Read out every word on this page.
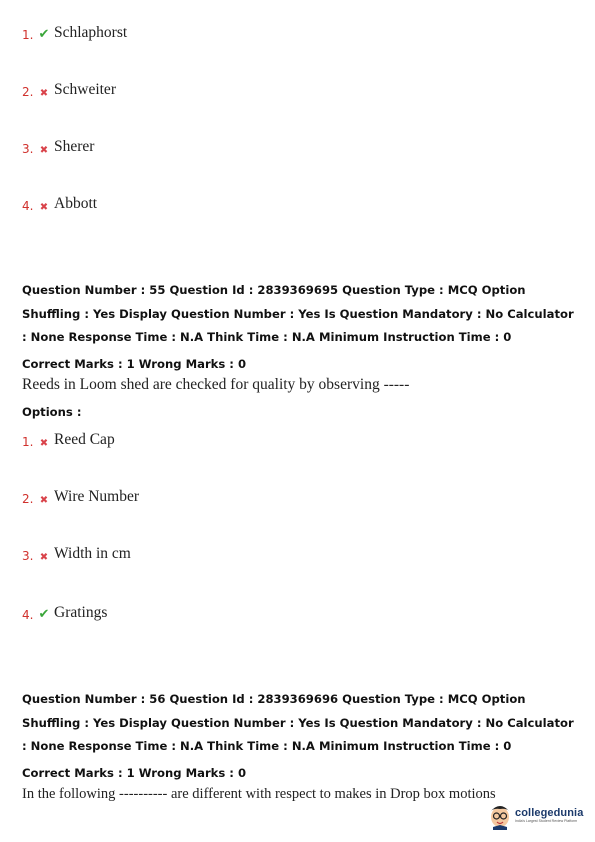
1. ✔ Schlaphorst
2. ✖ Schweiter
3. ✖ Sherer
4. ✖ Abbott
Question Number : 55 Question Id : 2839369695 Question Type : MCQ Option Shuffling : Yes Display Question Number : Yes Is Question Mandatory : No Calculator : None Response Time : N.A Think Time : N.A Minimum Instruction Time : 0
Correct Marks : 1 Wrong Marks : 0
Reeds in Loom shed are checked for quality by observing -----
Options :
1. ✖ Reed Cap
2. ✖ Wire Number
3. ✖ Width in cm
4. ✔ Gratings
Question Number : 56 Question Id : 2839369696 Question Type : MCQ Option Shuffling : Yes Display Question Number : Yes Is Question Mandatory : No Calculator : None Response Time : N.A Think Time : N.A Minimum Instruction Time : 0
Correct Marks : 1 Wrong Marks : 0
In the following ---------- are different with respect to makes in Drop box motions
collegedunia
India's Largest Student Review Platform
